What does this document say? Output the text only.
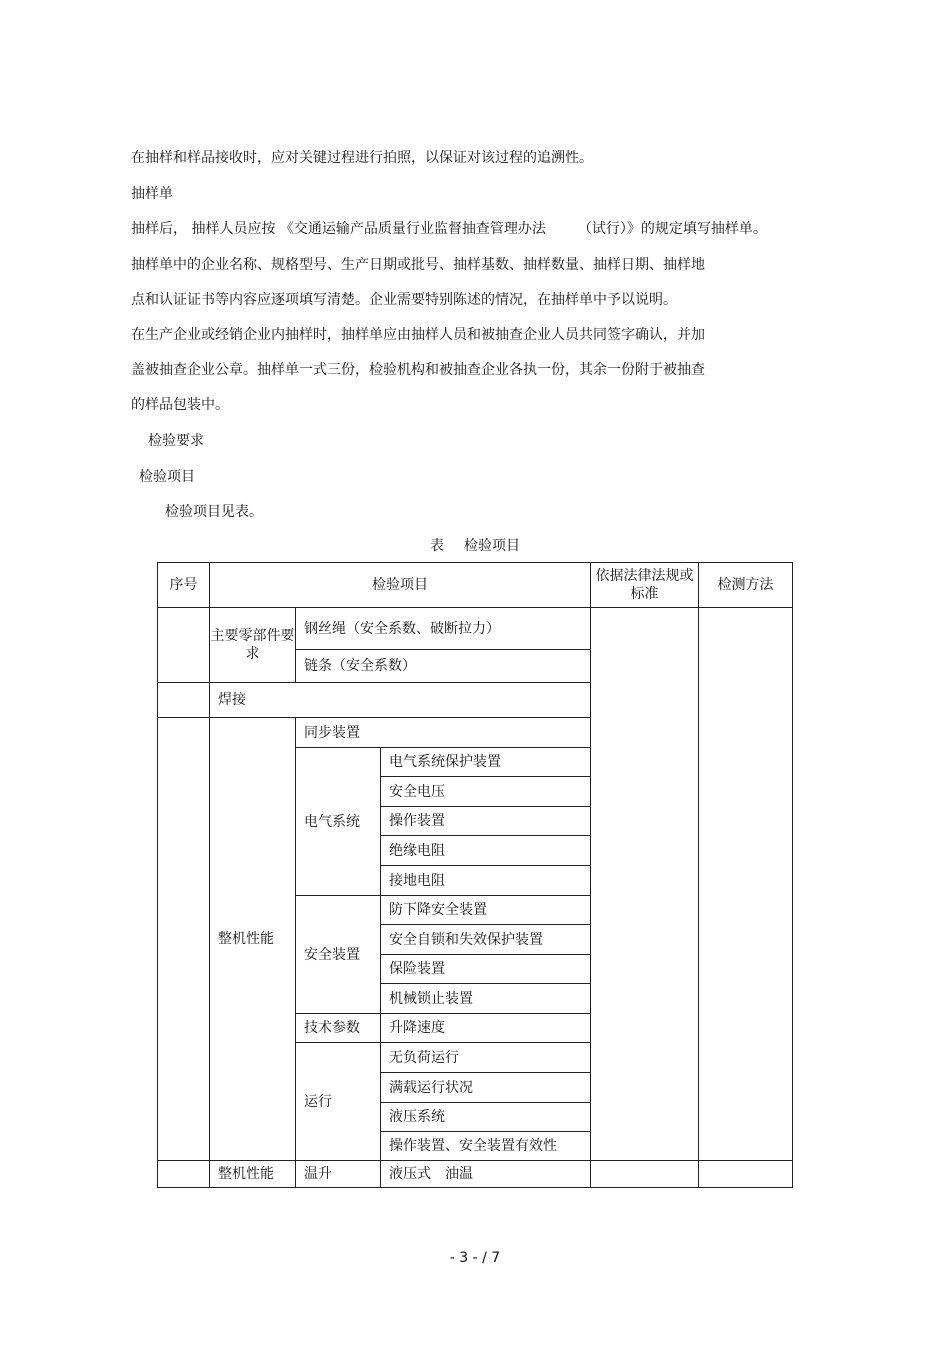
在抽样和样品接收时，应对关键过程进行拍照，以保证对该过程的追溯性。
抽样单
抽样后， 抽样人员应按 《交通运输产品质量行业监督抽查管理办法 （试行）》的规定填写抽样单。
抽样单中的企业名称、规格型号、生产日期或批号、抽样基数、抽样数量、抽样日期、抽样地
点和认证证书等内容应逐项填写清楚。企业需要特别陈述的情况，在抽样单中予以说明。
在生产企业或经销企业内抽样时，抽样单应由抽样人员和被抽查企业人员共同签字确认，并加
盖被抽查企业公章。抽样单一式三份，检验机构和被抽查企业各执一份，其余一份附于被抽查
的样品包装中。
检验要求
检验项目
检验项目见表。
表 检验项目
序号	检验项目			依据法律法规或标准	检测方法
	主要零部件要求	钢丝绳（安全系数、破断拉力）			
		链条（安全系数）			
	焊接				
	整机性能	同步装置			
		电气系统	电气系统保护装置		
			安全电压		
			操作装置		
			绝缘电阻		
			接地电阻		
		安全装置	防下降安全装置		
			安全自锁和失效保护装置		
			保险装置		
			机械锁止装置		
		技术参数	升降速度		
		运行	无负荷运行		
			满载运行状况		
			液压系统		
			操作装置、安全装置有效性		
	整机性能	温升	液压式　油温		
- 3 - / 7
